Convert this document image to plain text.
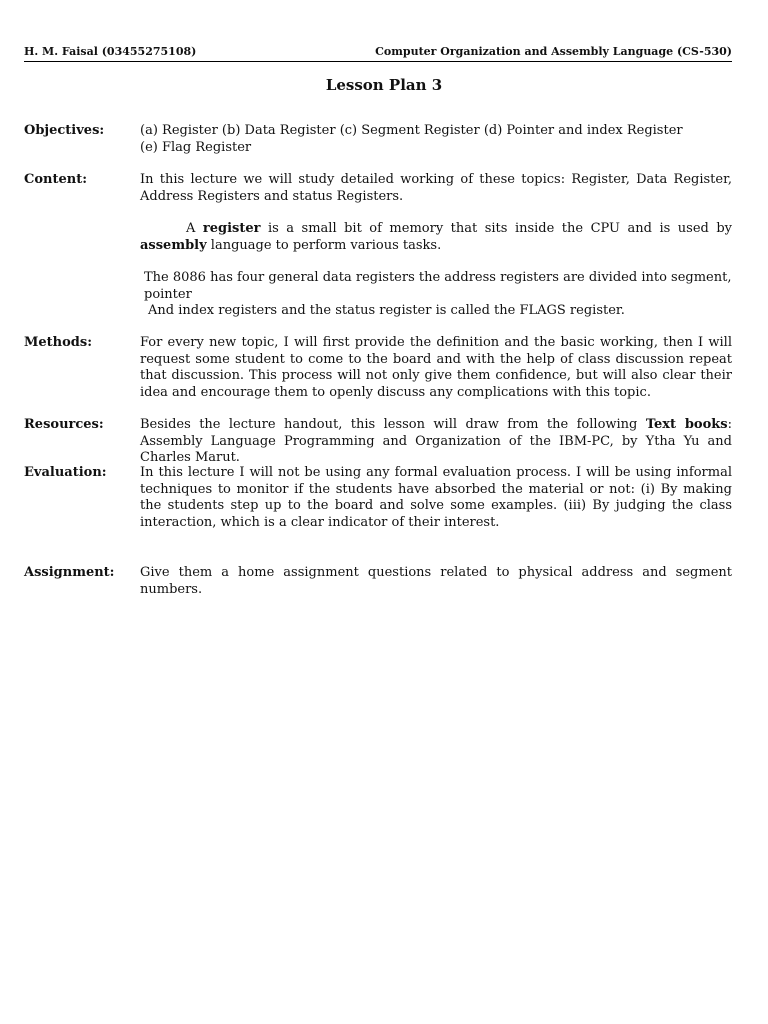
H. M. Faisal (03455275108)	Computer Organization and Assembly Language (CS-530)
Lesson Plan 3
Objectives:	(a) Register (b) Data Register (c) Segment Register (d) Pointer and index Register
(e) Flag Register
Content:	In this lecture we will study detailed working of these topics: Register, Data Register, Address Registers and status Registers.

A register is a small bit of memory that sits inside the CPU and is used by assembly language to perform various tasks.

The 8086 has four general data registers the address registers are divided into segment, pointer
And index registers and the status register is called the FLAGS register.
Methods:	For every new topic, I will first provide the definition and the basic working, then I will request some student to come to the board and with the help of class discussion repeat that discussion. This process will not only give them confidence, but will also clear their idea and encourage them to openly discuss any complications with this topic.

Resources:	Besides the lecture handout, this lesson will draw from the following Text books: Assembly Language Programming and Organization of the IBM-PC, by Ytha Yu and Charles Marut.

Evaluation:	In this lecture I will not be using any formal evaluation process. I will be using informal techniques to monitor if the students have absorbed the material or not: (i) By making the students step up to the board and solve some examples. (iii) By judging the class interaction, which is a clear indicator of their interest.

Assignment: Give them a home assignment questions related to physical address and segment numbers.
